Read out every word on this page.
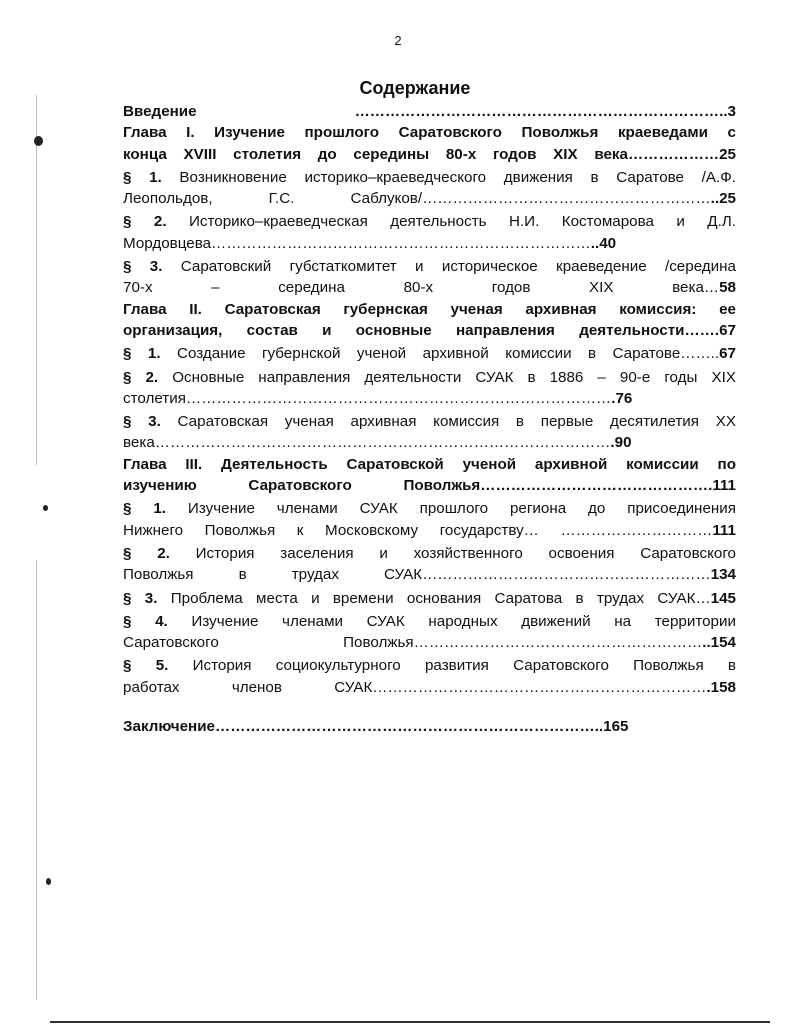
2
Содержание
Введение ………………………………………………………………..3
Глава I. Изучение прошлого Саратовского Поволжья краеведами с
конца XVIII столетия до середины 80-х годов XIX века………………25
§ 1. Возникновение историко–краеведческого движения в Саратове /А.Ф.
Леопольдов, Г.С. Саблуков/…………………………………………………..25
§ 2. Историко–краеведческая деятельность Н.И. Костомарова и Д.Л.
Мордовцева…………………………………………………………………..40
§ 3. Саратовский губстаткомитет и историческое краеведение /середина
70-х – середина 80-х годов XIX века…58
Глава II. Саратовская губернская ученая архивная комиссия: ее
организация, состав и основные направления деятельности…….67
§ 1. Создание губернской ученой архивной комиссии в Саратове……..67
§ 2. Основные направления деятельности СУАК в 1886 – 90-е годы XIX
столетия………………………………………………………………………….76
§ 3. Саратовская ученая архивная комиссия в первые десятилетия XX
века……………………………………………………………………………….90
Глава III. Деятельность Саратовской ученой архивной комиссии по
изучению Саратовского Поволжья……………………………………….111
§ 1. Изучение членами СУАК прошлого региона до присоединения
Нижнего Поволжья к Московскому государству… …………………………111
§ 2. История заселения и хозяйственного освоения Саратовского
Поволжья в трудах СУАК…………………………………………………134
§ 3. Проблема места и времени основания Саратова в трудах СУАК…145
§ 4. Изучение членами СУАК народных движений на территории
Саратовского Поволжья…………………………………………………..154
§ 5. История социокультурного развития Саратовского Поволжья в
работах членов СУАК………………………………………………………….158
Заключение…………………………………………………………………..165
